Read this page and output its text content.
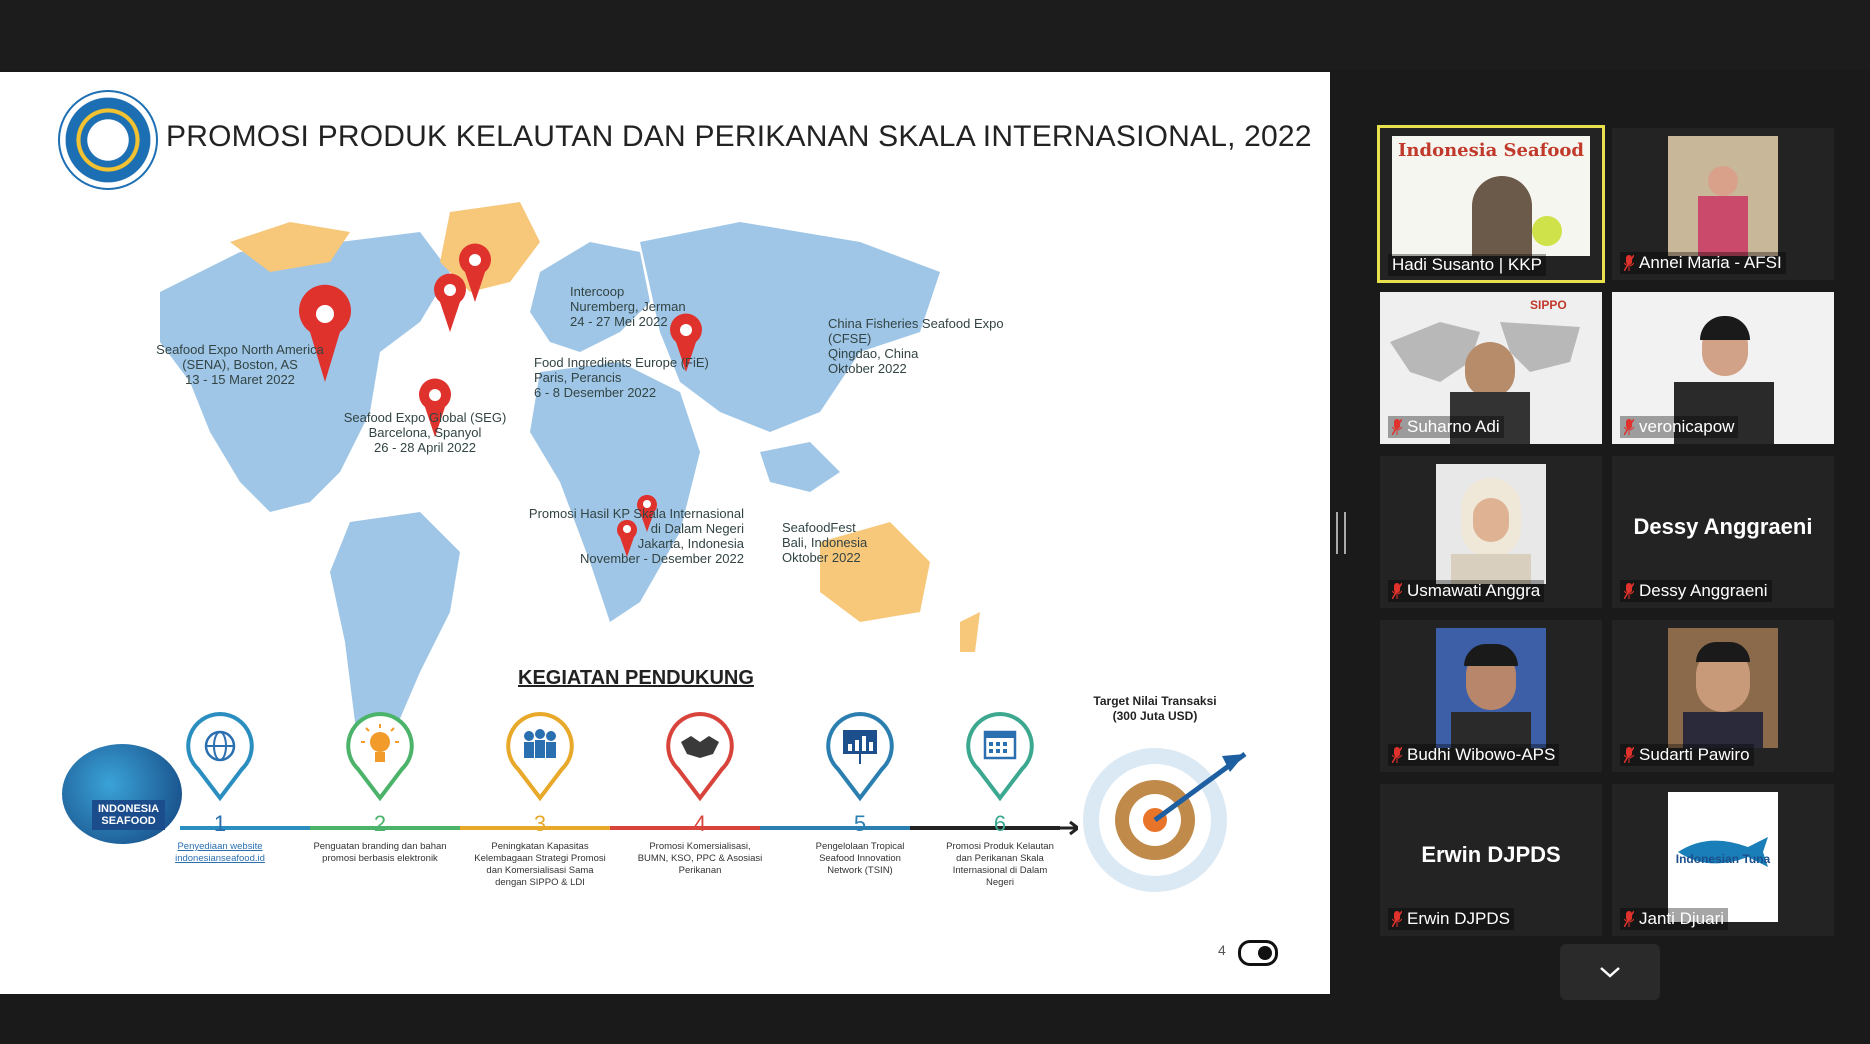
PROMOSI PRODUK KELAUTAN DAN PERIKANAN SKALA INTERNASIONAL, 2022
Seafood Expo North America
(SENA), Boston, AS
13 - 15 Maret 2022
Seafood Expo Global (SEG)
Barcelona, Spanyol
26 - 28 April 2022
Intercoop
Nuremberg, Jerman
24 - 27 Mei 2022
Food Ingredients Europe (FiE)
Paris, Perancis
6 - 8 Desember 2022
China Fisheries Seafood Expo
(CFSE)
Qingdao, China
Oktober 2022
Promosi Hasil KP Skala Internasional
di Dalam Negeri
Jakarta, Indonesia
November - Desember 2022
SeafoodFest
Bali, Indonesia
Oktober 2022
KEGIATAN PENDUKUNG
INDONESIA
SEAFOOD	1
Penyediaan website
indonesianseafood.id
2
Penguatan branding dan bahan
promosi berbasis elektronik
3
Peningkatan Kapasitas
Kelembagaan Strategi Promosi
dan Komersialisasi Sama
dengan SIPPO & LDI
4
Promosi Komersialisasi,
BUMN, KSO, PPC & Asosiasi
Perikanan
5
Pengelolaan Tropical
Seafood Innovation
Network (TSIN)
6
Promosi Produk Kelautan
dan Perikanan Skala
Internasional di Dalam
Negeri
Target Nilai Transaksi
(300 Juta USD)
4
Indonesia Seafood
Hadi Susanto | KKP	Annei Maria - AFSI
SIPPO
Suharno Adi	veronicapow
Usmawati Anggra
Dessy Anggraeni
Dessy Anggraeni
Budhi Wibowo-APS	Sudarti Pawiro
Erwin DJPDS
Erwin DJPDS
Indonesian Tuna
Janti Djuari
